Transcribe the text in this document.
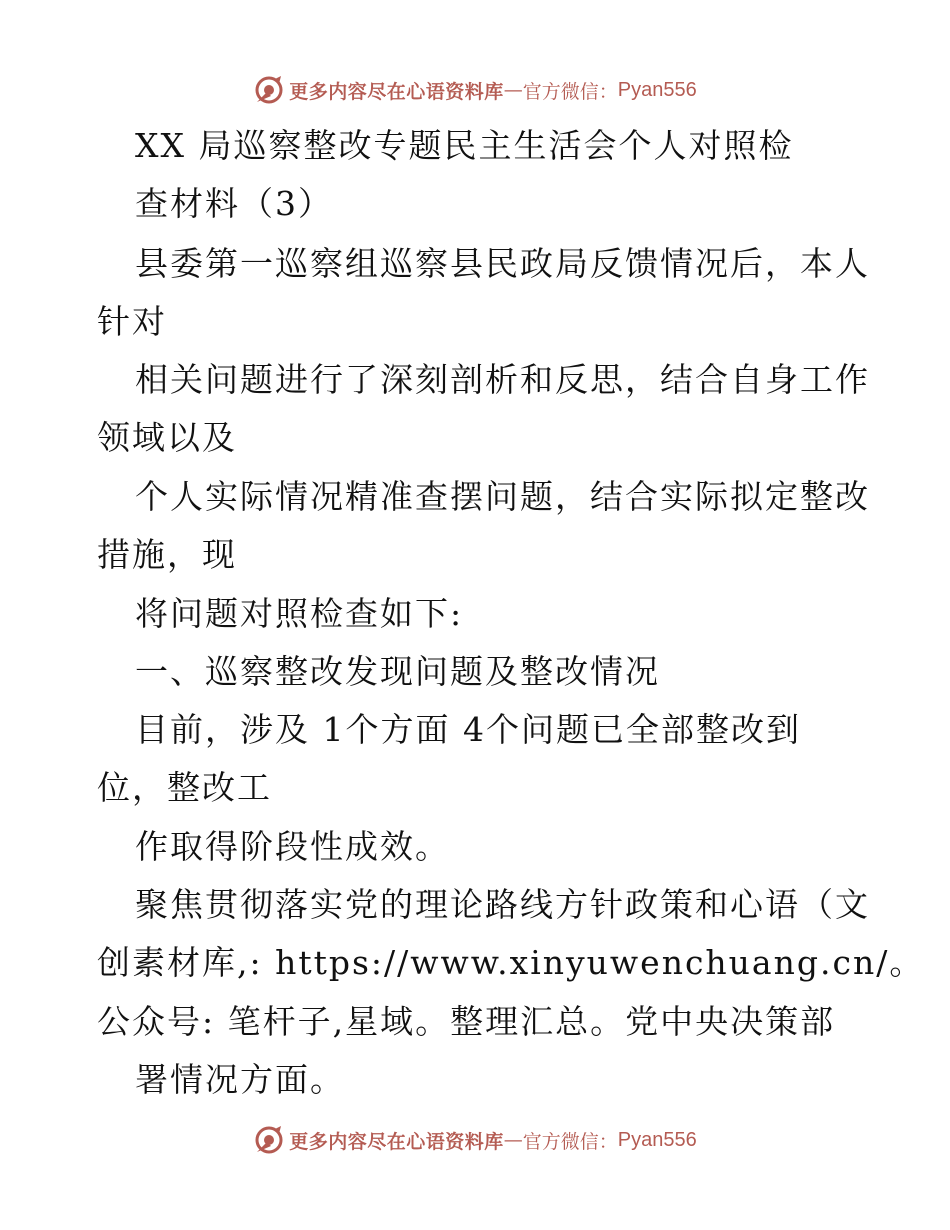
更多内容尽在心语资料库 — 官方微信： Pyan556
XX 局巡察整改专题民主生活会个人对照检
查材料（3）
县委第一巡察组巡察县民政局反馈情况后，本人
针对
相关问题进行了深刻剖析和反思，结合自身工作
领域以及
个人实际情况精准查摆问题，结合实际拟定整改
措施，现
将问题对照检查如下:
一、巡察整改发现问题及整改情况
目前，涉及 1个方面 4个问题已全部整改到
位，整改工
作取得阶段性成效。
聚焦贯彻落实党的理论路线方针政策和心语（文
创素材库,: https://www.xinyuwenchuang.cn/。
公众号: 笔杆子,星域。整理汇总。党中央决策部
署情况方面。
更多内容尽在心语资料库 — 官方微信： Pyan556
